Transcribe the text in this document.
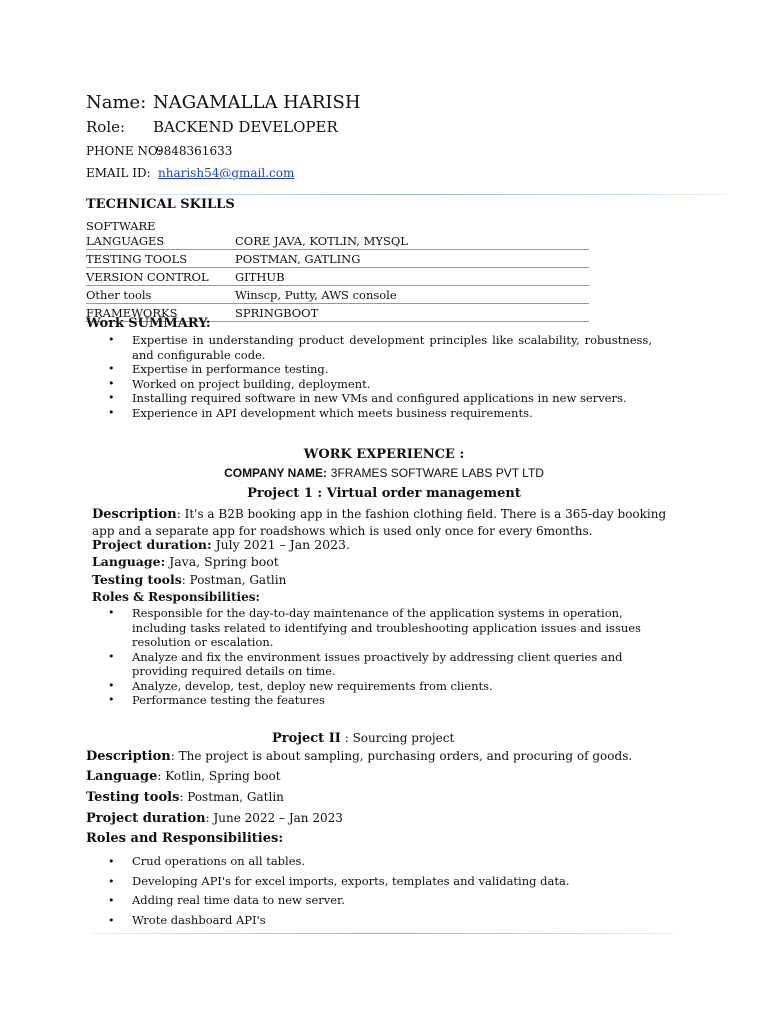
Name: NAGAMALLA HARISH
Role: BACKEND DEVELOPER
PHONE NO:
9848361633
EMAIL ID: nharish54@gmail.com
TECHNICAL SKILLS
SOFTWARE LANGUAGES	CORE JAVA, KOTLIN, MYSQL
TESTING TOOLS	POSTMAN, GATLING
VERSION CONTROL	GITHUB
Other tools	Winscp, Putty, AWS console
FRAMEWORKS	SPRINGBOOT
Work SUMMARY:
• Expertise in understanding product development principles like scalability, robustness, and configurable code.
• Expertise in performance testing.
• Worked on project building, deployment.
• Installing required software in new VMs and configured applications in new servers.
• Experience in API development which meets business requirements.
WORK EXPERIENCE :
COMPANY NAME: 3FRAMES SOFTWARE LABS PVT LTD
Project 1 : Virtual order management
Description: It's a B2B booking app in the fashion clothing field. There is a 365-day booking app and a separate app for roadshows which is used only once for every 6months.
Project duration: July 2021 – Jan 2023.
Language: Java, Spring boot
Testing tools: Postman, Gatlin
Roles & Responsibilities:
• Responsible for the day-to-day maintenance of the application systems in operation, including tasks related to identifying and troubleshooting application issues and issues resolution or escalation.
• Analyze and fix the environment issues proactively by addressing client queries and providing required details on time.
• Analyze, develop, test, deploy new requirements from clients.
• Performance testing the features
Project II : Sourcing project
Description: The project is about sampling, purchasing orders, and procuring of goods.
Language: Kotlin, Spring boot
Testing tools: Postman, Gatlin
Project duration: June 2022 – Jan 2023
Roles and Responsibilities:
• Crud operations on all tables.
• Developing API's for excel imports, exports, templates and validating data.
• Adding real time data to new server.
• Wrote dashboard API's
